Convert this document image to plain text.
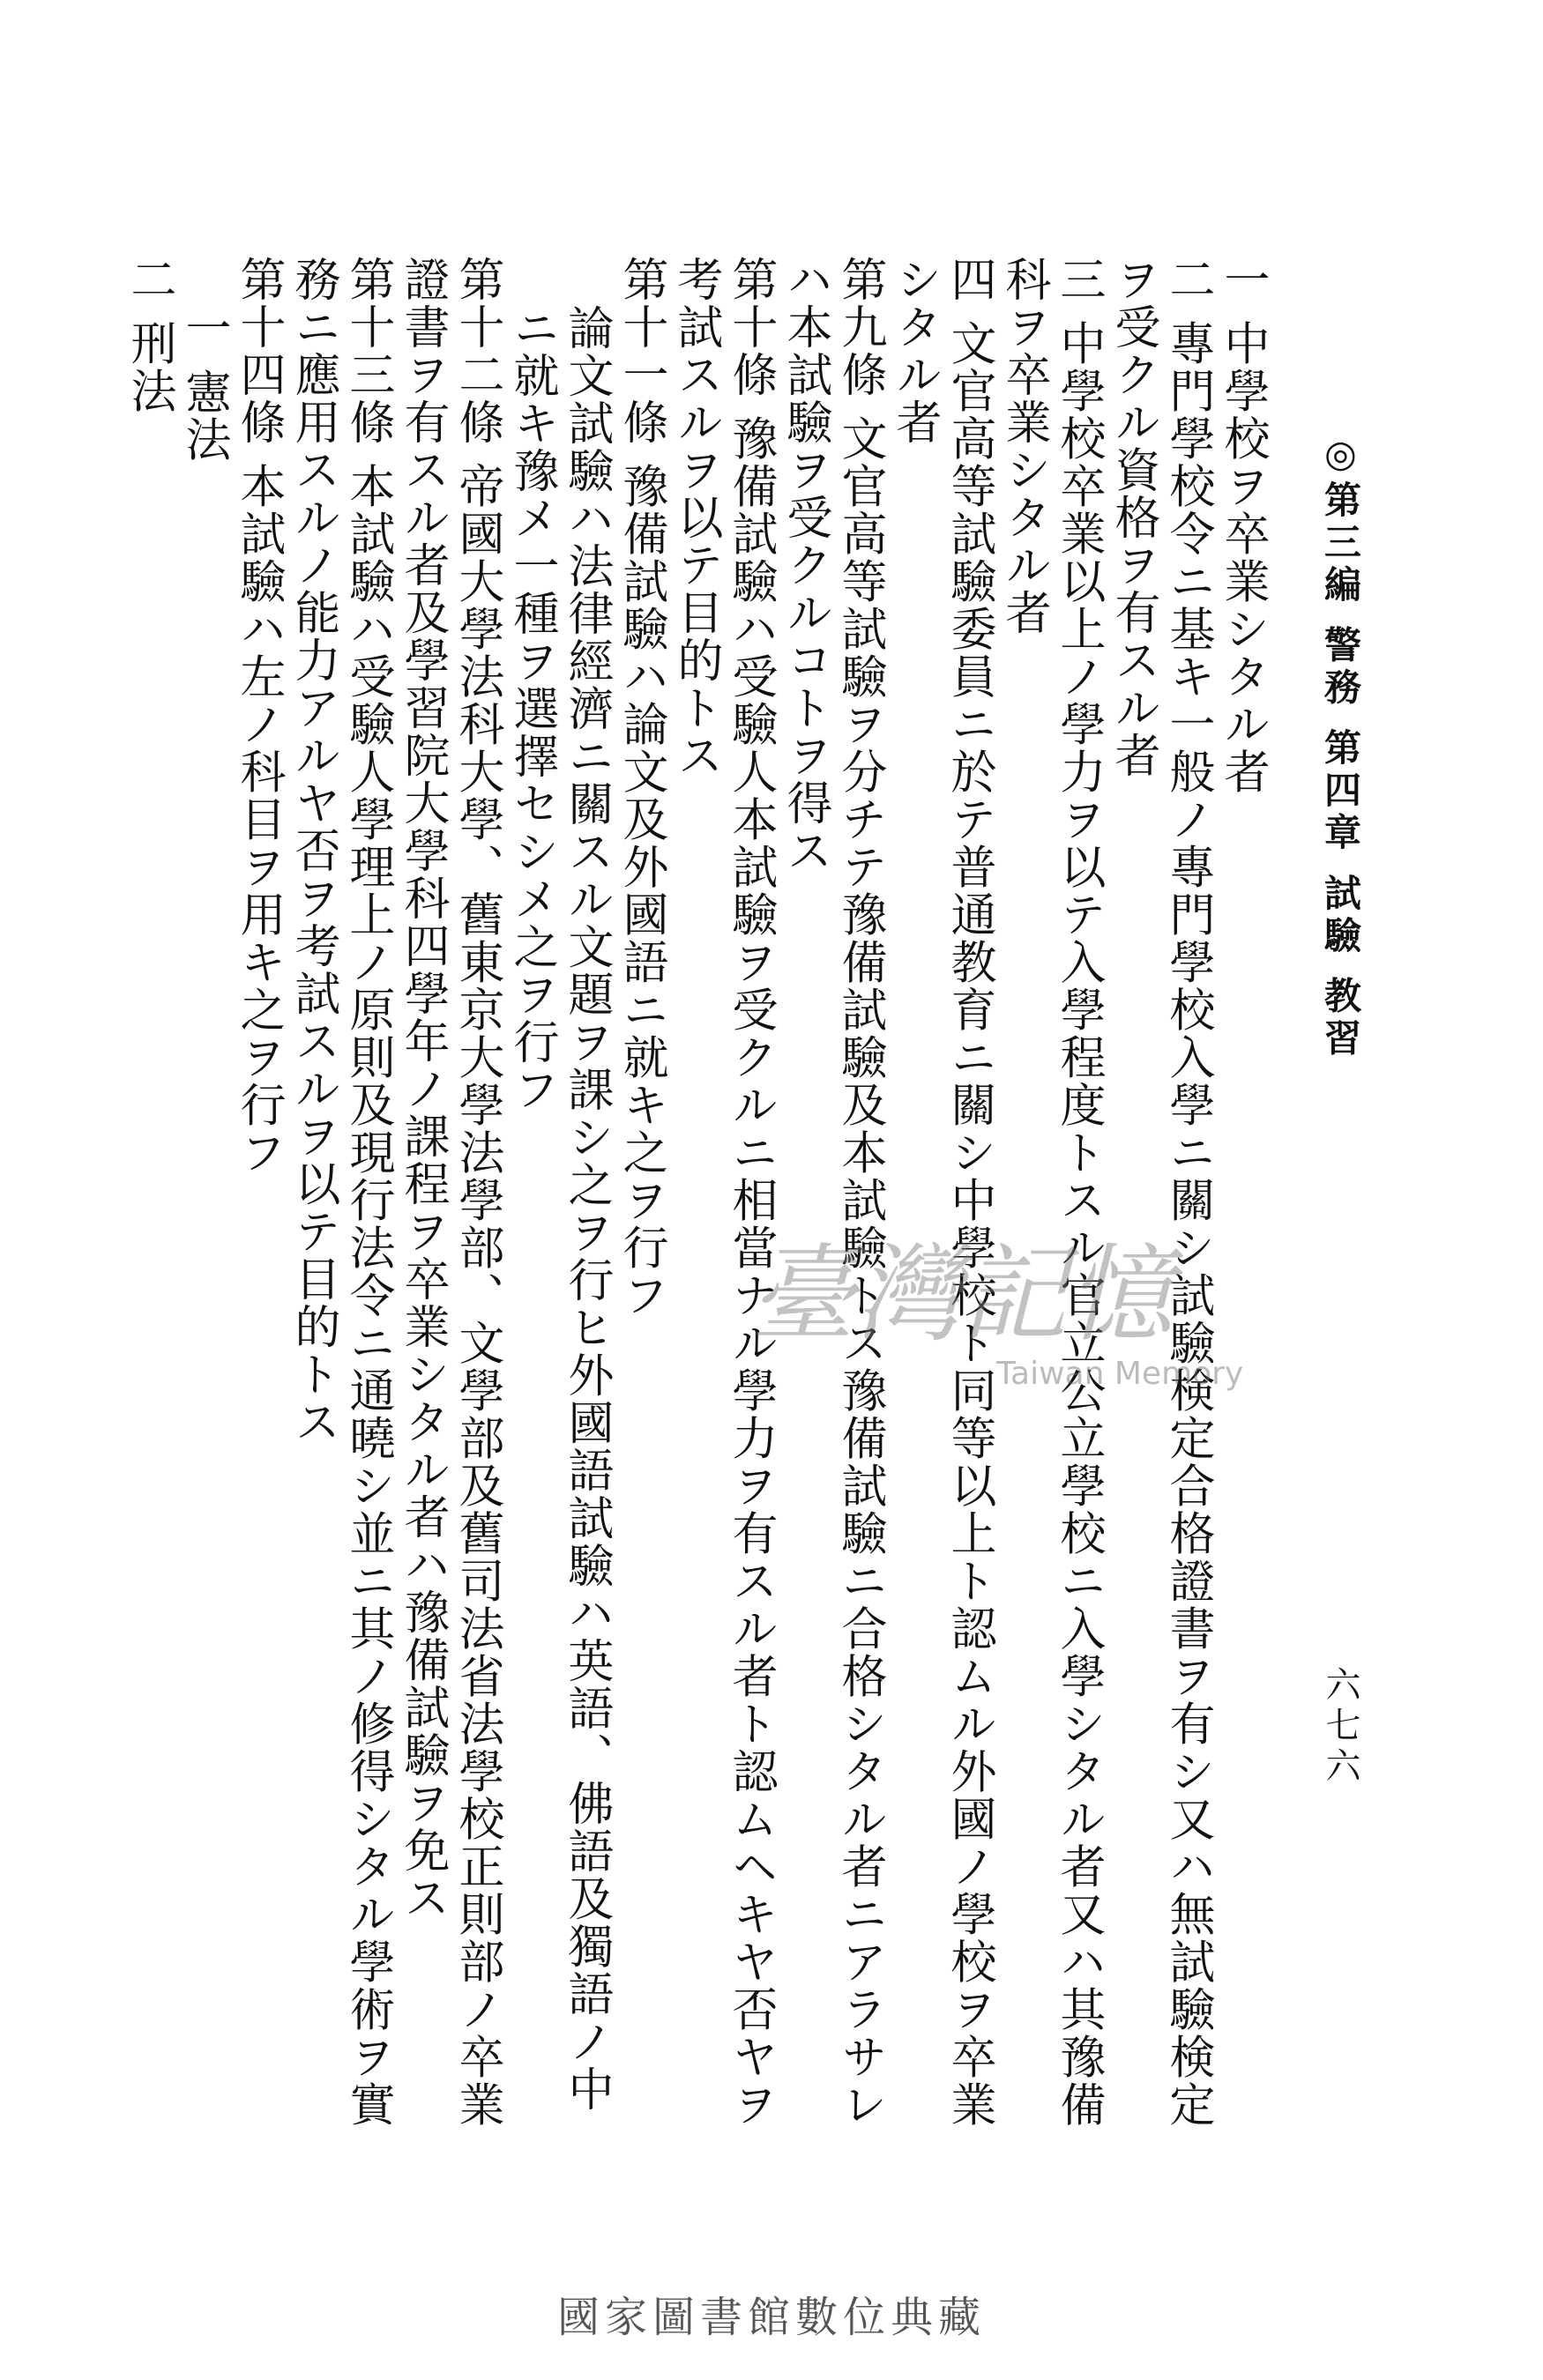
◎第三編 警務 第四章 試驗 教習
六七六

一 中學校ヲ卒業シタル者

二 專門學校令ニ基キ一般ノ專門學校入學ニ關シ試驗検定合格證書ヲ有シ又ハ無試驗検定ヲ受クル資格ヲ有スル者

三 中學校卒業以上ノ學力ヲ以テ入學程度トスル官立公立學校ニ入學シタル者又ハ其豫備科ヲ卒業シタル者

四 文官高等試驗委員ニ於テ普通教育ニ關シ中學校ト同等以上ト認ムル外國ノ學校ヲ卒業シタル者

第九條 文官高等試驗ヲ分チテ豫備試驗及本試驗トス豫備試驗ニ合格シタル者ニアラサレハ本試驗ヲ受クルコトヲ得ス

第十條 豫備試驗ハ受驗人本試驗ヲ受クルニ相當ナル學力ヲ有スル者ト認ムヘキヤ否ヤヲ考試スルヲ以テ目的トス

第十一條 豫備試驗ハ論文及外國語ニ就キ之ヲ行フ

論文試驗ハ法律經濟ニ關スル文題ヲ課シ之ヲ行ヒ外國語試驗ハ英語、佛語及獨語ノ中ニ就キ豫メ一種ヲ選擇セシメ之ヲ行フ

第十二條 帝國大學法科大學、舊東京大學法學部、文學部及舊司法省法學校正則部ノ卒業證書ヲ有スル者及學習院大學科四學年ノ課程ヲ卒業シタル者ハ豫備試驗ヲ免ス

第十三條 本試驗ハ受驗人學理上ノ原則及現行法令ニ通曉シ並ニ其ノ修得シタル學術ヲ實務ニ應用スルノ能力アルヤ否ヲ考試スルヲ以テ目的トス

第十四條 本試驗ハ左ノ科目ヲ用キ之ヲ行フ

一 憲法

二 刑法

臺灣記憶
Taiwan Memory
國家圖書館數位典藏
